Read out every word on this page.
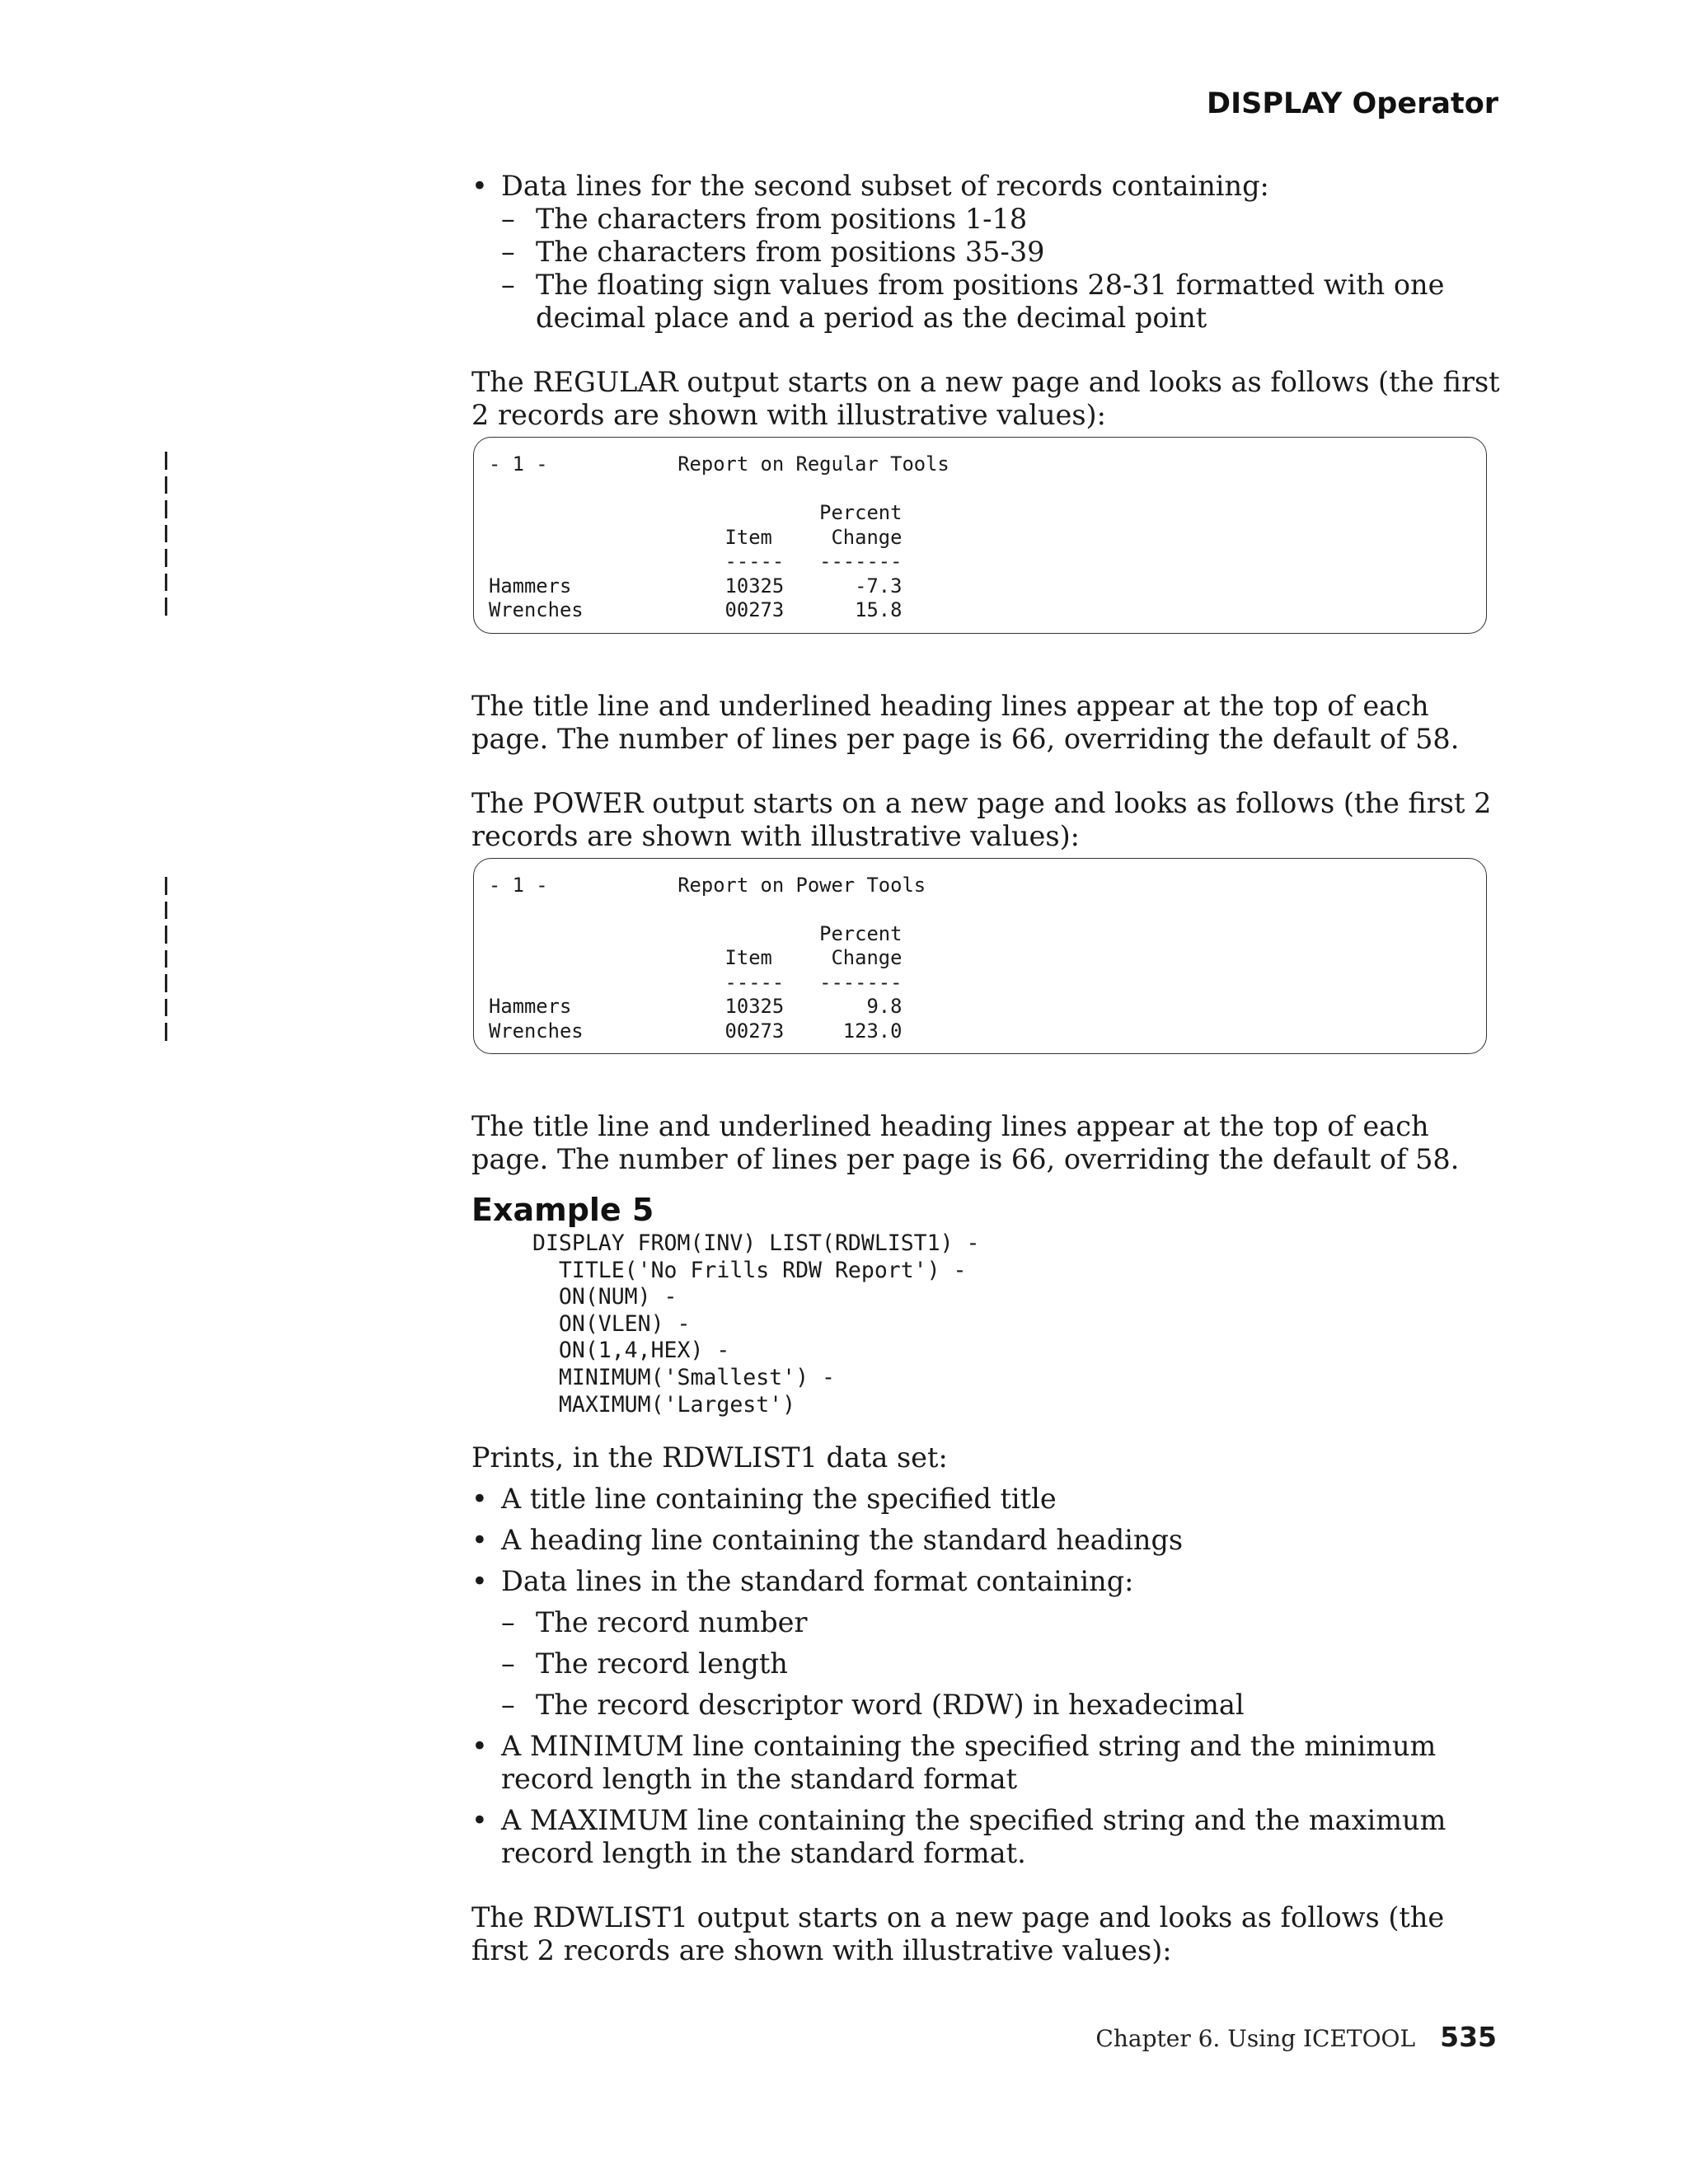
DISPLAY Operator
• Data lines for the second subset of records containing:
– The characters from positions 1-18
– The characters from positions 35-39
– The floating sign values from positions 28-31 formatted with one decimal place and a period as the decimal point

The REGULAR output starts on a new page and looks as follows (the first 2 records are shown with illustrative values):

- 1 -           Report on Regular Tools

Percent
Item     Change
-----   -------
Hammers             10325      -7.3
Wrenches            00273      15.8

The title line and underlined heading lines appear at the top of each page. The number of lines per page is 66, overriding the default of 58.

The POWER output starts on a new page and looks as follows (the first 2 records are shown with illustrative values):

- 1 -           Report on Power Tools

Percent
Item     Change
-----   -------
Hammers             10325       9.8
Wrenches            00273     123.0

The title line and underlined heading lines appear at the top of each page. The number of lines per page is 66, overriding the default of 58.

Example 5
DISPLAY FROM(INV) LIST(RDWLIST1) -
TITLE('No Frills RDW Report') -
ON(NUM) -
ON(VLEN) -
ON(1,4,HEX) -
MINIMUM('Smallest') -
MAXIMUM('Largest')

Prints, in the RDWLIST1 data set:

• A title line containing the specified title
• A heading line containing the standard headings
• Data lines in the standard format containing:
– The record number
– The record length
– The record descriptor word (RDW) in hexadecimal
• A MINIMUM line containing the specified string and the minimum record length in the standard format
• A MAXIMUM line containing the specified string and the maximum record length in the standard format.

The RDWLIST1 output starts on a new page and looks as follows (the first 2 records are shown with illustrative values):

Chapter 6. Using ICETOOL 535
